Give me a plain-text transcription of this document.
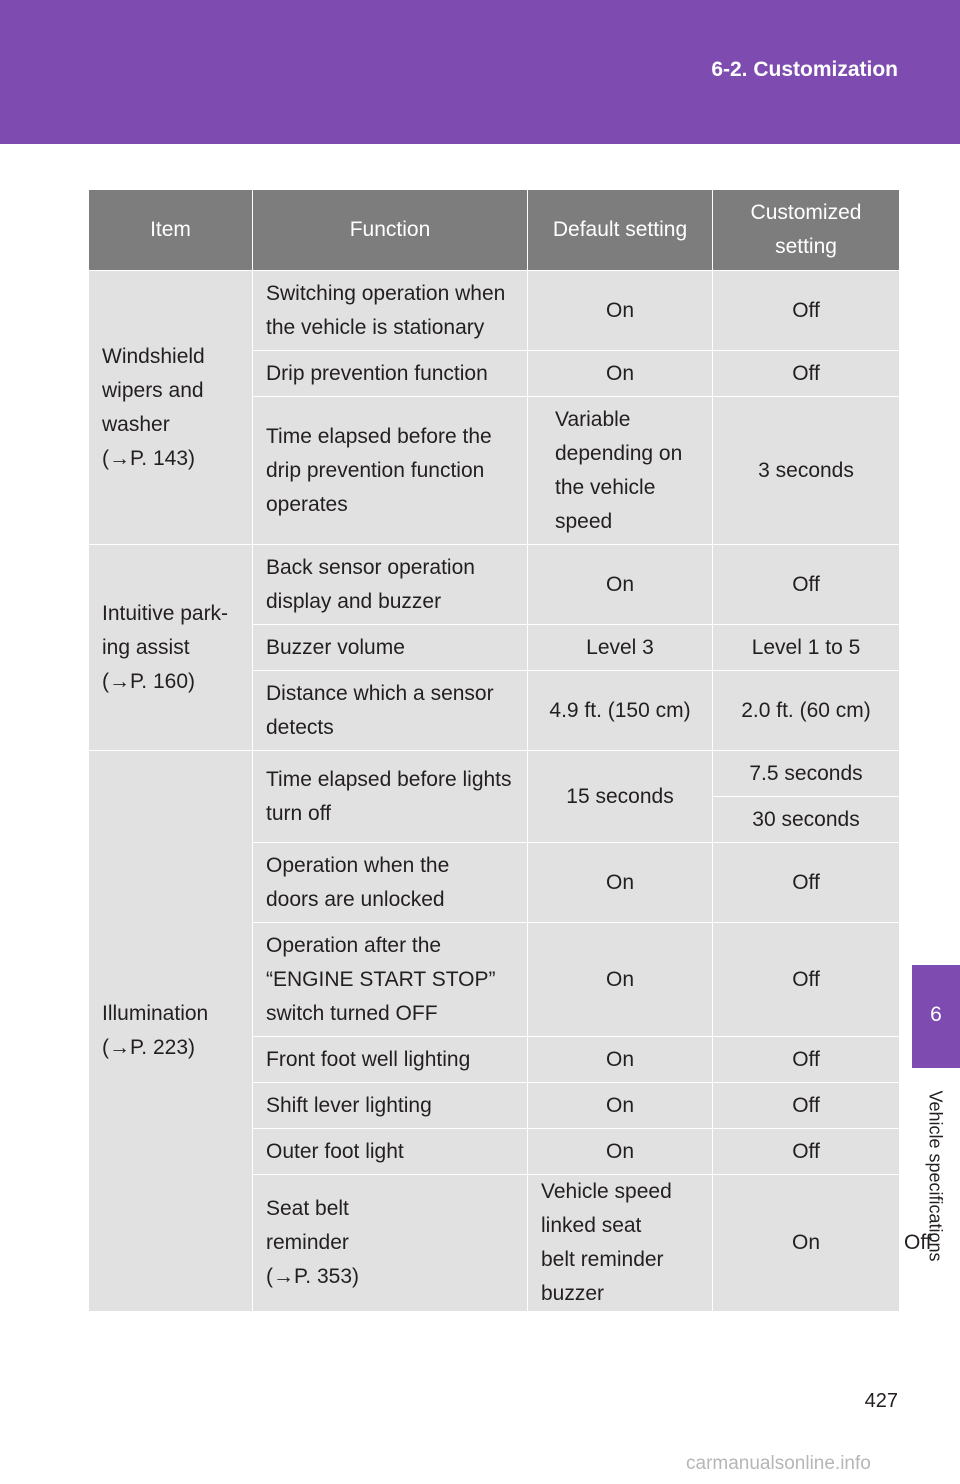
6-2. Customization
Item	Function	Default setting	Customized
setting	

Windshield
wipers and
washer
(→P. 143)	Switching operation when
the vehicle is stationary	On	Off	

	Drip prevention function	On	Off	

	Time elapsed before the
drip prevention function
operates	Variable
depending on
the vehicle
speed	3 seconds	

Intuitive park-
ing assist
(→P. 160)	Back sensor operation
display and buzzer	On	Off	

	Buzzer volume	Level 3	Level 1 to 5	

	Distance which a sensor
detects	4.9 ft. (150 cm)	2.0 ft. (60 cm)	

Illumination
(→P. 223)	Time elapsed before lights
turn off	15 seconds	7.5 seconds	

			30 seconds	

	Operation when the
doors are unlocked	On	Off	

	Operation after the
“ENGINE START STOP”
switch turned OFF	On	Off	

	Front foot well lighting	On	Off	

	Shift lever lighting	On	Off	

	Outer foot light	On	Off	

	Seat belt
reminder
(→P. 353)	Vehicle speed linked seat
belt reminder buzzer	On	Off
6
Vehicle specifications
427
carmanualsonline.info
